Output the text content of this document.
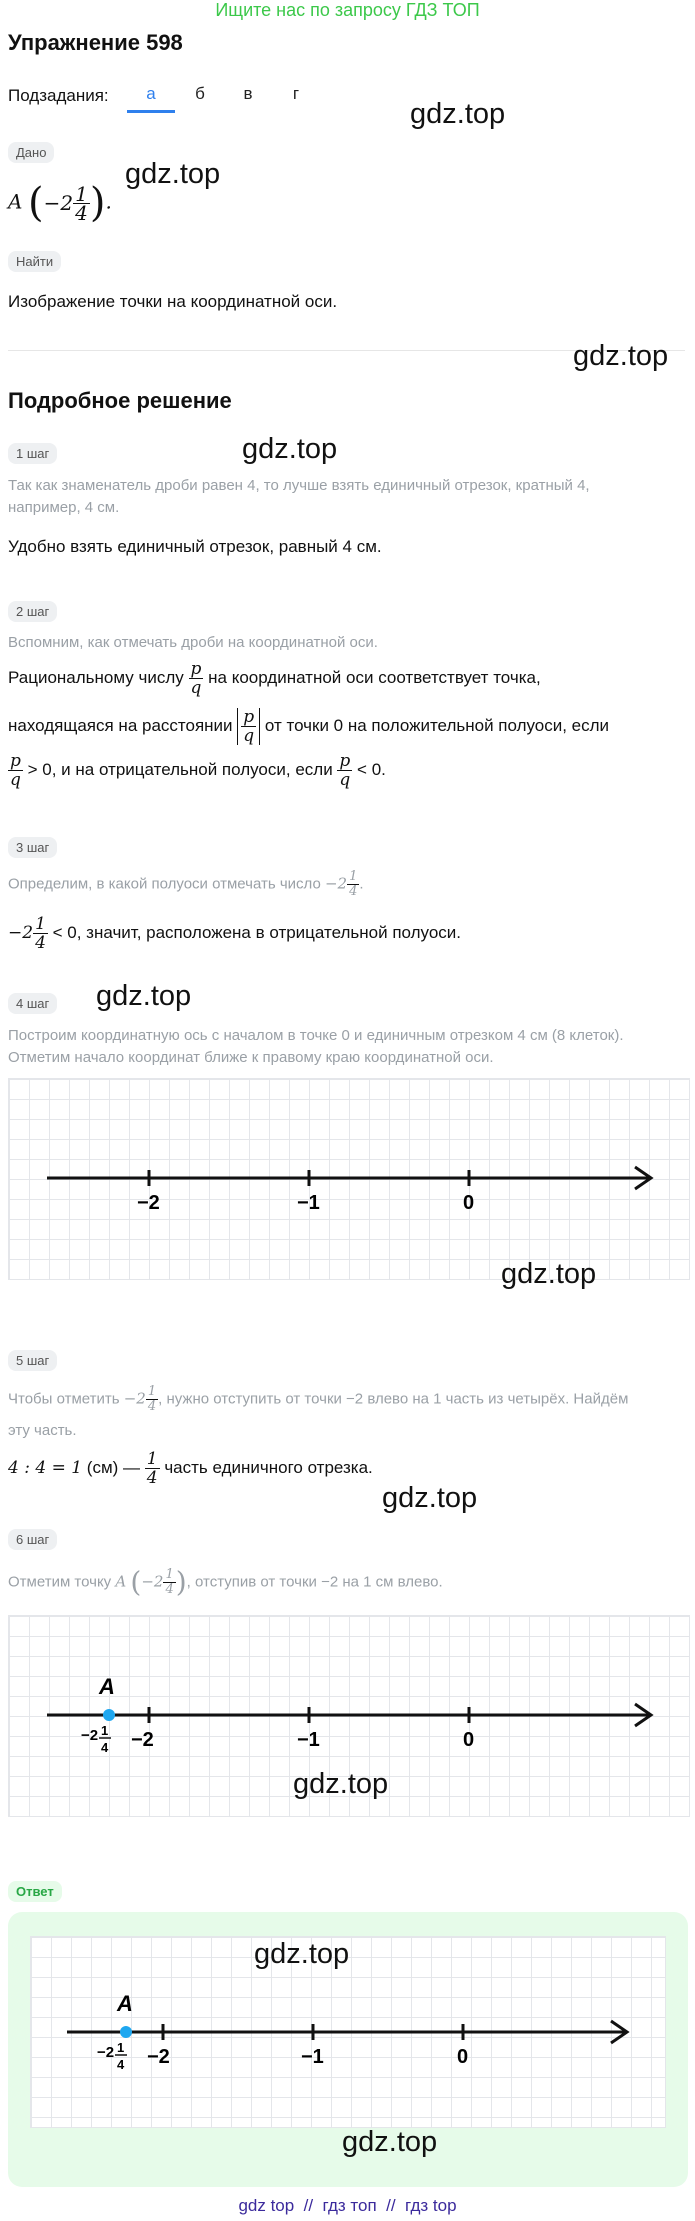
Ищите нас по запросу ГДЗ ТОП
Упражнение 598
Подзадания:	а	б	в	г
gdz.top
Дано
A ($-2 \frac{1}{4}$ ).
gdz.top
Найти
Изображение точки на координатной оси.
gdz.top
Подробное решение
gdz.top
1 шаг
Так как знаменатель дроби равен 4, то лучше взять единичный отрезок, кратный 4,
например, 4 см.
Удобно взять единичный отрезок, равный 4 см.
2 шаг
Вспомним, как отмечать дроби на координатной оси.
Рациональному числу $\frac{p}{q}$ на координатной оси соответствует точка,
находящаяся на расстоянии $\frac{p}{q}$ от точки 0 на положительной полуоси, если
$\frac{p}{q} > 0$, и на отрицательной полуоси, если $\frac{p}{q} < 0$.
3 шаг
Определим, в какой полуоси отмечать число $-2 \frac{1}{4}$ .
$-2 \frac{1}{4} < 0$, значит, расположена в отрицательной полуоси.
4 шаг gdz.top
Построим координатную ось с началом в точке 0 и единичным отрезком 4 см (8 клеток).
Отметим начало координат ближе к правому краю координатной оси.
−2	−1	0
gdz.top
5 шаг
Чтобы отметить $-2 \frac{1}{4}$ , нужно отступить от точки −2 влево на 1 часть из четырёх. Найдём
эту часть.
4 : 4 = 1 (см) — $\frac{1}{4}$ часть единичного отрезка.
gdz.top
6 шаг
Отметим точку A ($-2 \frac{1}{4}$ ), отступив от точки −2 на 1 см влево.
A
−2 1
4 −2	−1	0
gdz.top
Ответ
A
−2 1
4 −2	−1	0
gdz.top
gdz.top
gdz top  //  гдз топ  //  гдз top
